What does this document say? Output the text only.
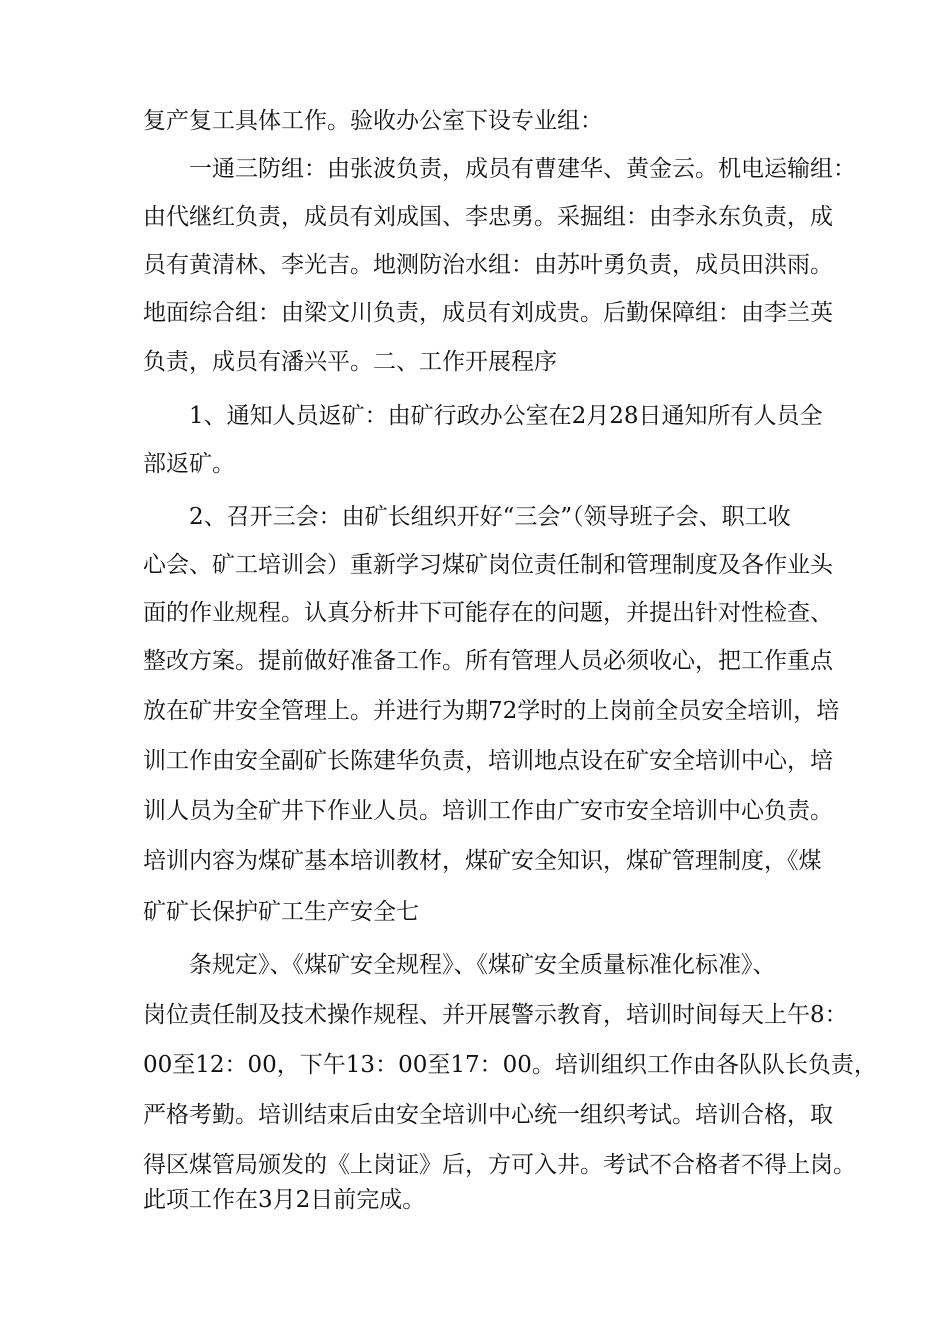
复产复工具体工作。验收办公室下设专业组：
一通三防组：由张波负责，成员有曹建华、黄金云。机电运输组：
由代继红负责，成员有刘成国、李忠勇。采掘组：由李永东负责，成
员有黄清林、李光吉。地测防治水组：由苏叶勇负责，成员田洪雨。
地面综合组：由梁文川负责，成员有刘成贵。后勤保障组：由李兰英
负责，成员有潘兴平。二、工作开展程序
1、通知人员返矿：由矿行政办公室在2月28日通知所有人员全
部返矿。
2、召开三会：由矿长组织开好“三会”（领导班子会、职工收
心会、矿工培训会）重新学习煤矿岗位责任制和管理制度及各作业头
面的作业规程。认真分析井下可能存在的问题，并提出针对性检查、
整改方案。提前做好准备工作。所有管理人员必须收心，把工作重点
放在矿井安全管理上。并进行为期72学时的上岗前全员安全培训，培
训工作由安全副矿长陈建华负责，培训地点设在矿安全培训中心，培
训人员为全矿井下作业人员。培训工作由广安市安全培训中心负责。
培训内容为煤矿基本培训教材，煤矿安全知识，煤矿管理制度，《煤
矿矿长保护矿工生产安全七
条规定》、《煤矿安全规程》、《煤矿安全质量标准化标准》、
岗位责任制及技术操作规程、并开展警示教育，培训时间每天上午8：
00至12：00，下午13：00至17：00。培训组织工作由各队队长负责，
严格考勤。培训结束后由安全培训中心统一组织考试。培训合格，取
得区煤管局颁发的《上岗证》后，方可入井。考试不合格者不得上岗。
此项工作在3月2日前完成。
